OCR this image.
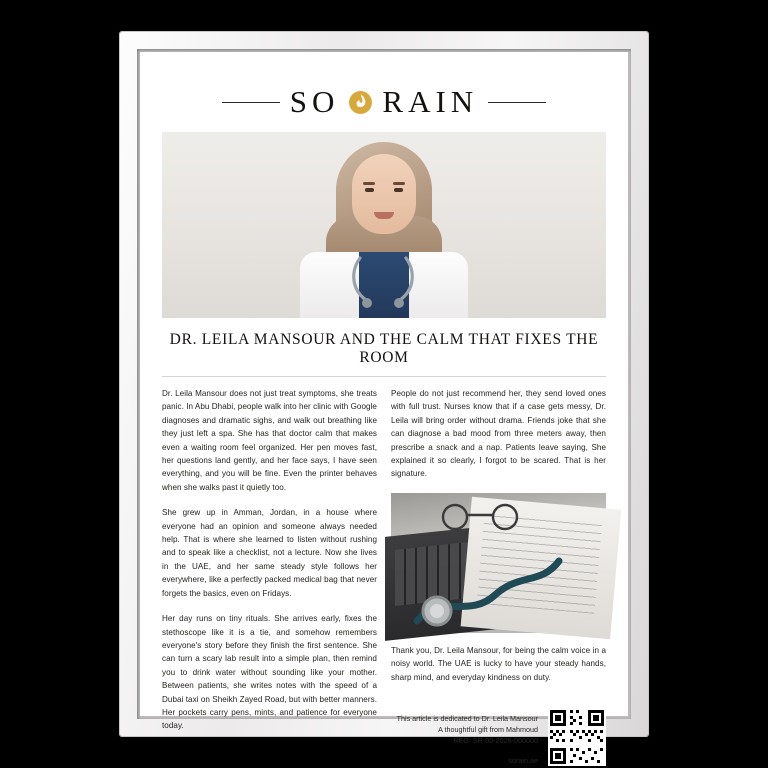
SO RAIN
DR. LEILA MANSOUR AND THE CALM THAT FIXES THE ROOM

Dr. Leila Mansour does not just treat symptoms, she treats panic. In Abu Dhabi, people walk into her clinic with Google diagnoses and dramatic sighs, and walk out breathing like they just left a spa. She has that doctor calm that makes even a waiting room feel organized. Her pen moves fast, her questions land gently, and her face says, I have seen everything, and you will be fine. Even the printer behaves when she walks past it quietly too.

She grew up in Amman, Jordan, in a house where everyone had an opinion and someone always needed help. That is where she learned to listen without rushing and to speak like a checklist, not a lecture. Now she lives in the UAE, and her same steady style follows her everywhere, like a perfectly packed medical bag that never forgets the basics, even on Fridays.

Her day runs on tiny rituals. She arrives early, fixes the stethoscope like it is a tie, and somehow remembers everyone's story before they finish the first sentence. She can turn a scary lab result into a simple plan, then remind you to drink water without sounding like your mother. Between patients, she writes notes with the speed of a Dubai taxi on Sheikh Zayed Road, but with better manners. Her pockets carry pens, mints, and patience for everyone today.

People do not just recommend her, they send loved ones with full trust. Nurses know that if a case gets messy, Dr. Leila will bring order without drama. Friends joke that she can diagnose a bad mood from three meters away, then prescribe a snack and a nap. Patients leave saying, She explained it so clearly, I forgot to be scared. That is her signature.

Thank you, Dr. Leila Mansour, for being the calm voice in a noisy world. The UAE is lucky to have your steady hands, sharp mind, and everyday kindness on duty.

This article is dedicated to Dr. Leila Mansour
A thoughtful gift from Mahmoud
REG: SR-00-2026-000000
sorain.ae
